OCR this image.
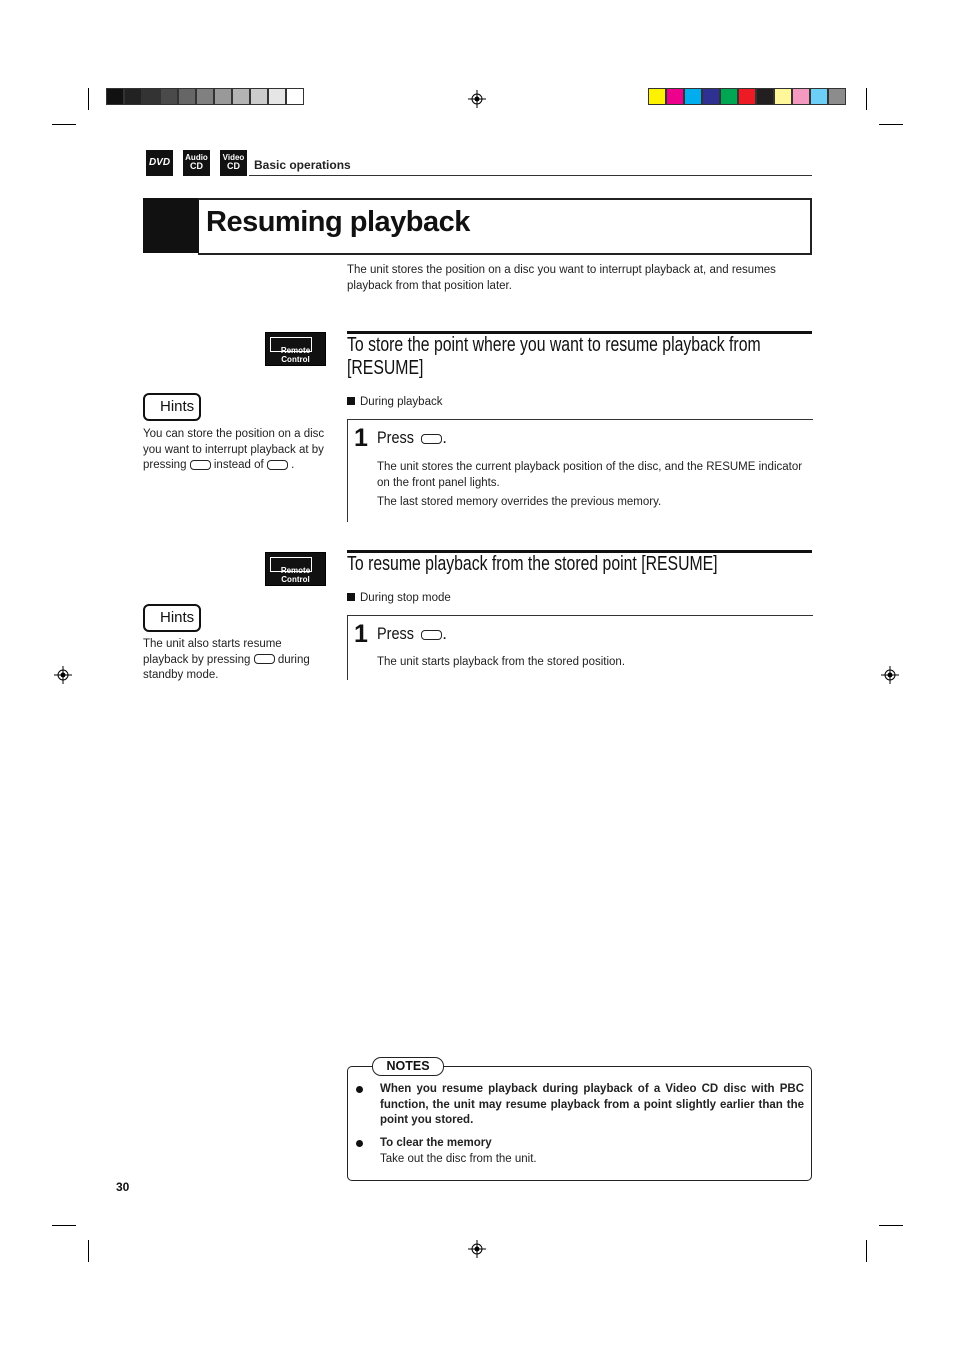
DVD	Audio
CD
Video
CD	Basic operations
Resuming playback
The unit stores the position on a disc you want to interrupt playback at, and resumes playback from that position later.
Remote Control
To store the point where you want to resume playback from [RESUME]
During playback
Hints
You can store the position on a disc you want to interrupt playback at by pressing instead of .
1 Press .
The unit stores the current playback position of the disc, and the RESUME indicator on the front panel lights.
The last stored memory overrides the previous memory.
Remote Control
To resume playback from the stored point [RESUME]
During stop mode
Hints
The unit also starts resume playback by pressing during standby mode.
1 Press .
The unit starts playback from the stored position.
NOTES
When you resume playback during playback of a Video CD disc with PBC function, the unit may resume playback from a point slightly earlier than the point you stored.
To clear the memory
Take out the disc from the unit.
30
